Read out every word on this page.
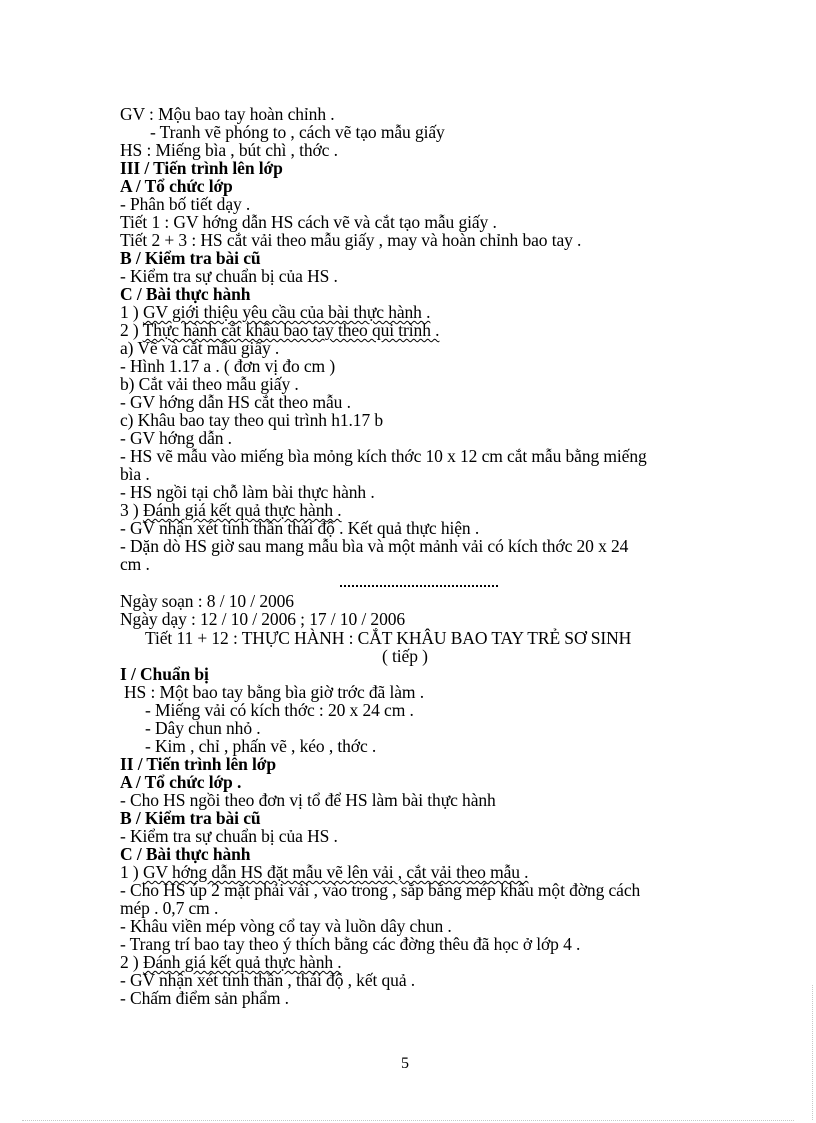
GV : Mộu bao tay hoàn chỉnh .
- Tranh vẽ phóng to , cách vẽ tạo mẫu giấy
HS : Miếng bìa , bút chì , thớc .
III / Tiến trình lên lớp
A / Tổ chức lớp
- Phân bố tiết dạy .
Tiết 1 : GV hớng dẫn HS cách vẽ và cắt tạo mẫu giấy .
Tiết 2 + 3 : HS cắt vải theo mẫu giấy , may và hoàn chỉnh bao tay .
B / Kiểm tra bài cũ
- Kiểm tra sự chuẩn bị của HS .
C / Bài thực hành
1 ) GV giới thiệu yêu cầu của bài thực hành .
2 ) Thực hành cắt khâu bao tay theo qui trình .
a) Vẽ và cắt mẫu giấy .
- Hình 1.17 a . ( đơn vị đo cm )
b) Cắt vải theo mẫu giấy .
- GV hớng dẫn HS cắt theo mẫu .
c) Khâu bao tay theo qui trình h1.17 b
- GV hớng dẫn .
- HS vẽ mẫu vào miếng bìa mỏng kích thớc 10 x 12 cm cắt mẫu bằng miếng
bìa .
- HS ngồi tại chỗ làm bài thực hành .
3 ) Đánh giá kết quả thực hành .
- GV nhận xét tinh thần thái độ . Kết quả thực hiện .
- Dặn dò HS giờ sau mang mẫu bìa và một mảnh vải có kích thớc 20 x 24
cm .
Ngày soạn : 8 / 10 / 2006
Ngày dạy : 12 / 10 / 2006 ; 17 / 10 / 2006
Tiết 11 + 12 : THỰC HÀNH : CẮT KHÂU BAO TAY TRẺ SƠ SINH
( tiếp )
I / Chuẩn bị
HS : Một bao tay bằng bìa giờ trớc đã làm .
- Miếng vải có kích thớc : 20 x 24 cm .
- Dây chun nhỏ .
- Kim , chỉ , phấn vẽ , kéo , thớc .
II / Tiến trình lên lớp
A / Tổ chức lớp .
- Cho HS ngồi theo đơn vị tổ để HS làm bài thực hành
B / Kiểm tra bài cũ
- Kiểm tra sự chuẩn bị của HS .
C / Bài thực hành
1 ) GV hớng dẫn HS đặt mẫu vẽ lên vải , cắt vải theo mẫu .
- Cho HS úp 2 mặt phải vải , vào trong , sắp bằng mép khâu một đờng cách
mép . 0,7 cm .
- Khâu viền mép vòng cổ tay và luồn dây chun .
- Trang trí bao tay theo ý thích bằng các đờng thêu đã học ở lớp 4 .
2 ) Đánh giá kết quả thực hành .
- GV nhận xét tinh thần , thái độ , kết quả .
- Chấm điểm sản phẩm .
5
